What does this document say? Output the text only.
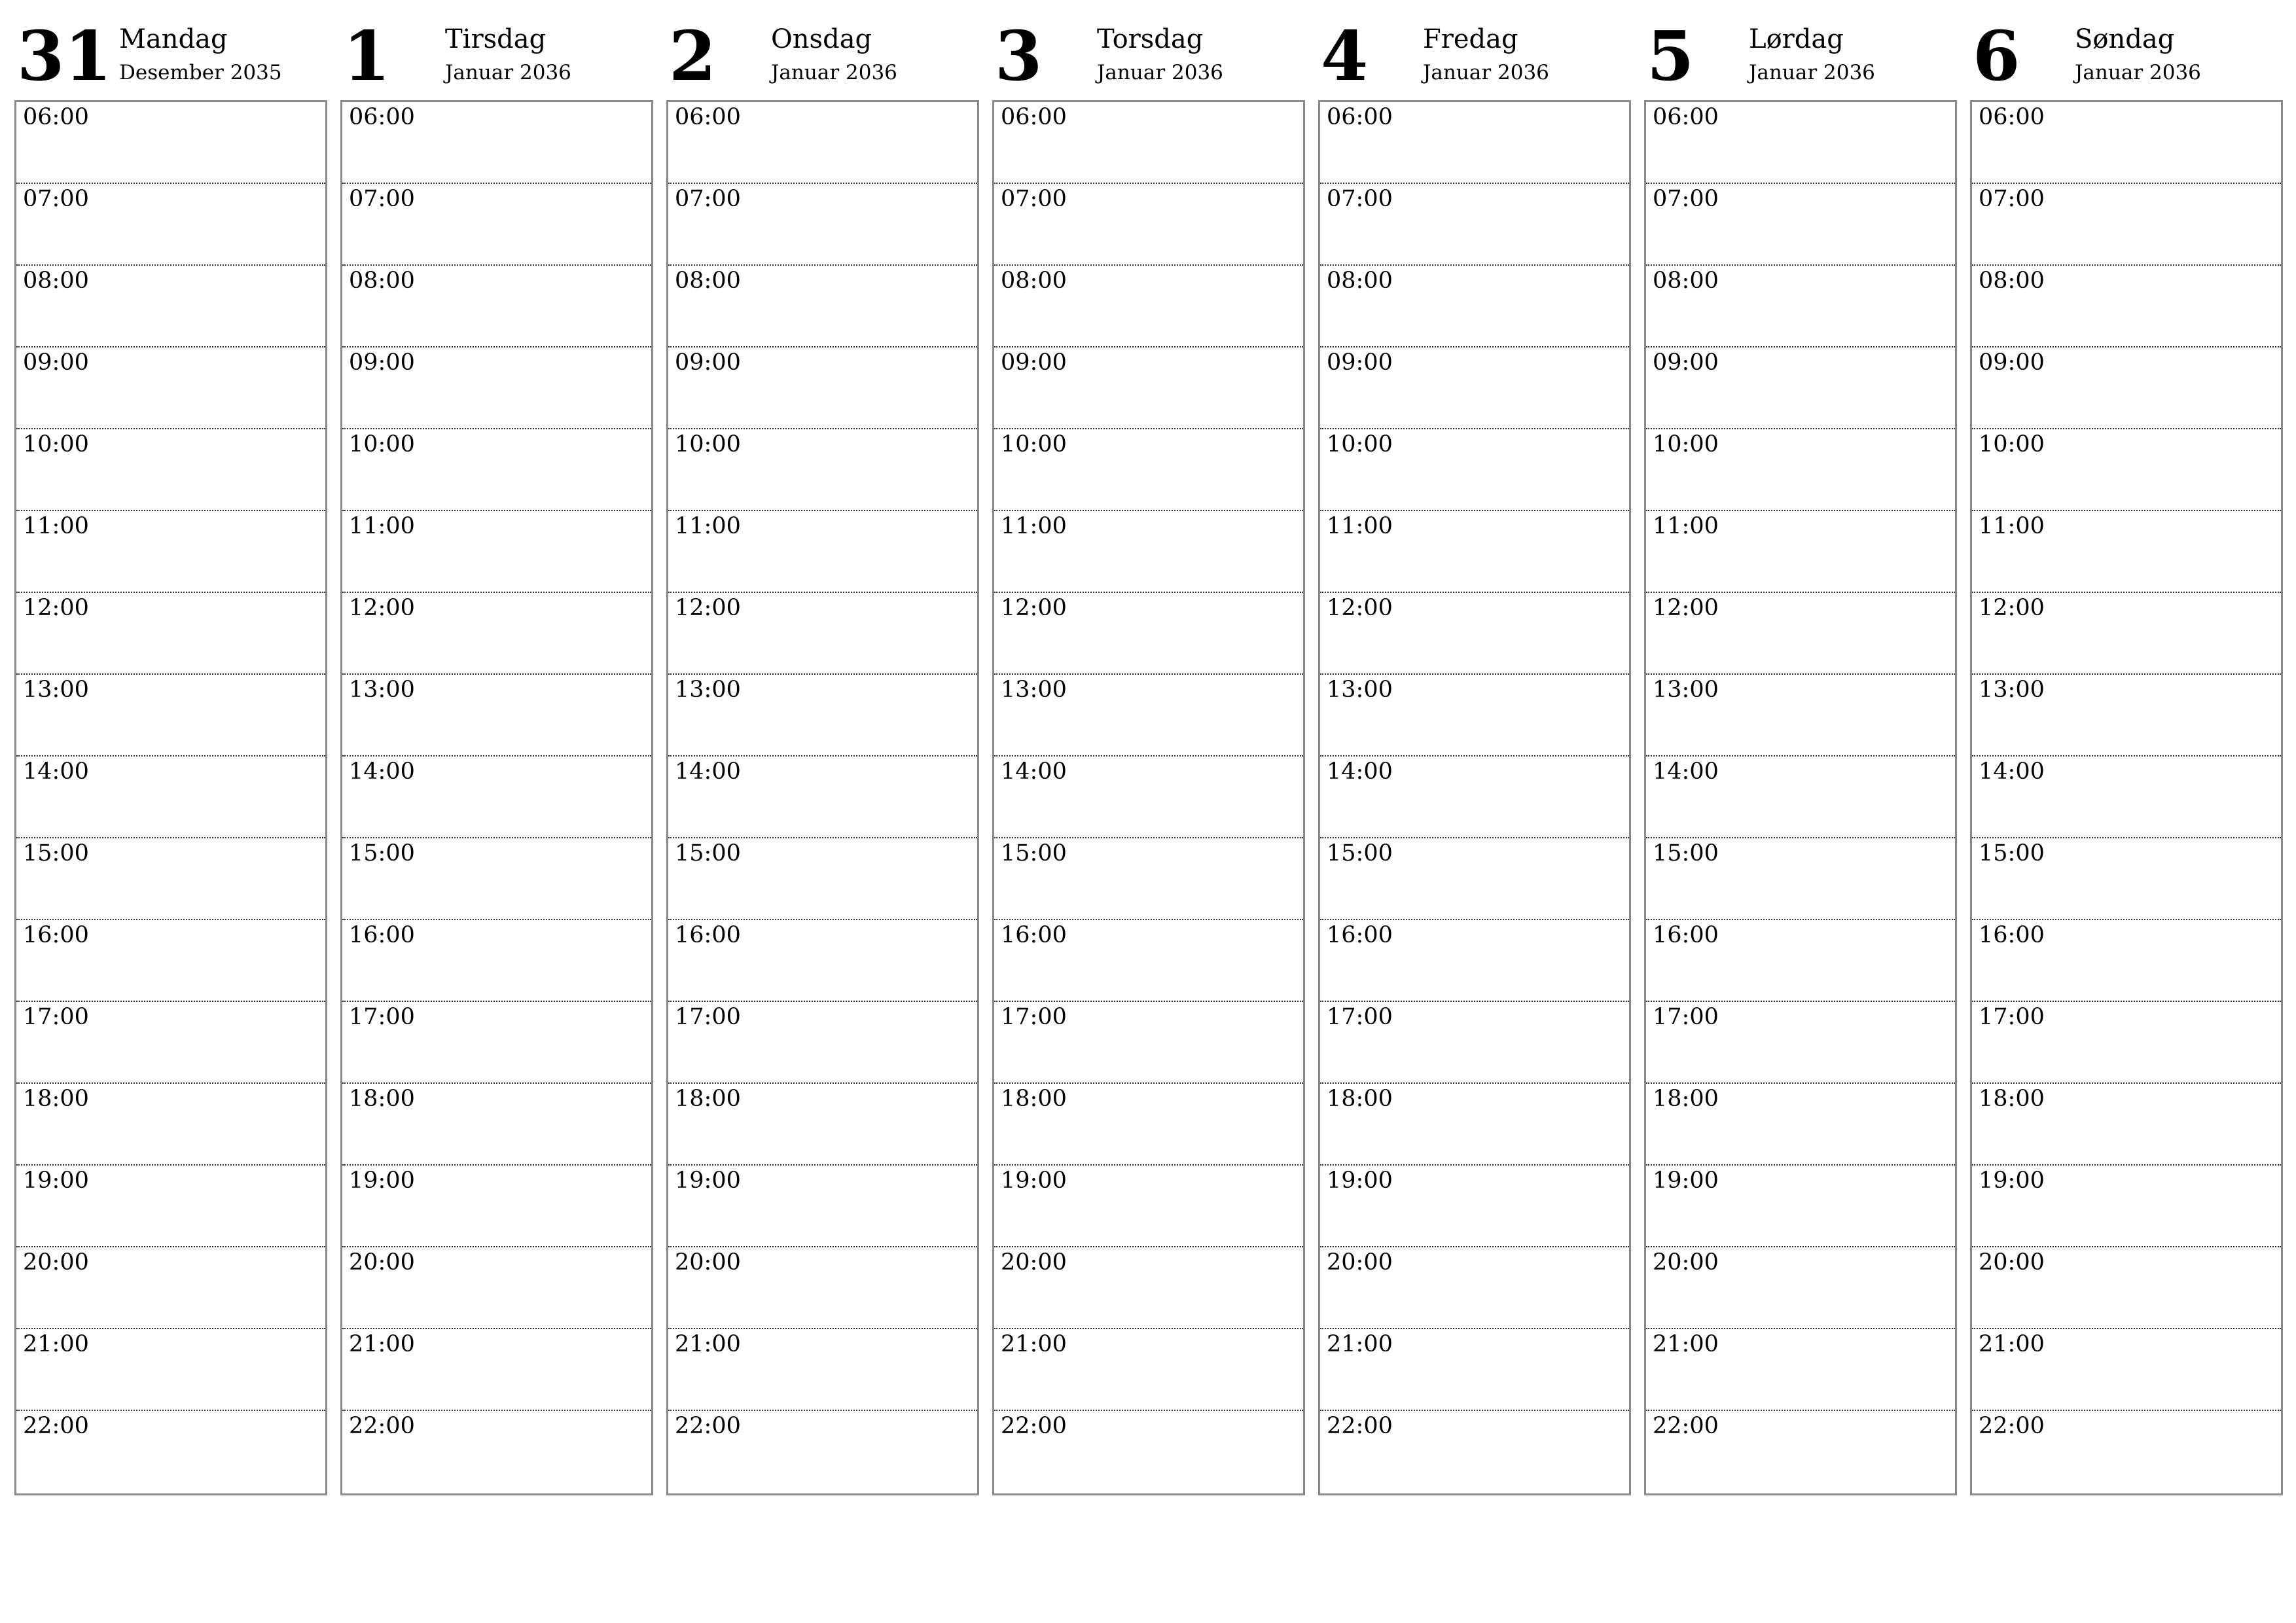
31 Mandag
Desember 2035
06:00
07:00
08:00
09:00
10:00
11:00
12:00
13:00
14:00
15:00
16:00
17:00
18:00
19:00
20:00
21:00
22:00
1 Tirsdag
Januar 2036
06:00
07:00
08:00
09:00
10:00
11:00
12:00
13:00
14:00
15:00
16:00
17:00
18:00
19:00
20:00
21:00
22:00
2 Onsdag
Januar 2036
06:00
07:00
08:00
09:00
10:00
11:00
12:00
13:00
14:00
15:00
16:00
17:00
18:00
19:00
20:00
21:00
22:00
3 Torsdag
Januar 2036
06:00
07:00
08:00
09:00
10:00
11:00
12:00
13:00
14:00
15:00
16:00
17:00
18:00
19:00
20:00
21:00
22:00
4 Fredag
Januar 2036
06:00
07:00
08:00
09:00
10:00
11:00
12:00
13:00
14:00
15:00
16:00
17:00
18:00
19:00
20:00
21:00
22:00
5 Lørdag
Januar 2036
06:00
07:00
08:00
09:00
10:00
11:00
12:00
13:00
14:00
15:00
16:00
17:00
18:00
19:00
20:00
21:00
22:00
6 Søndag
Januar 2036
06:00
07:00
08:00
09:00
10:00
11:00
12:00
13:00
14:00
15:00
16:00
17:00
18:00
19:00
20:00
21:00
22:00
